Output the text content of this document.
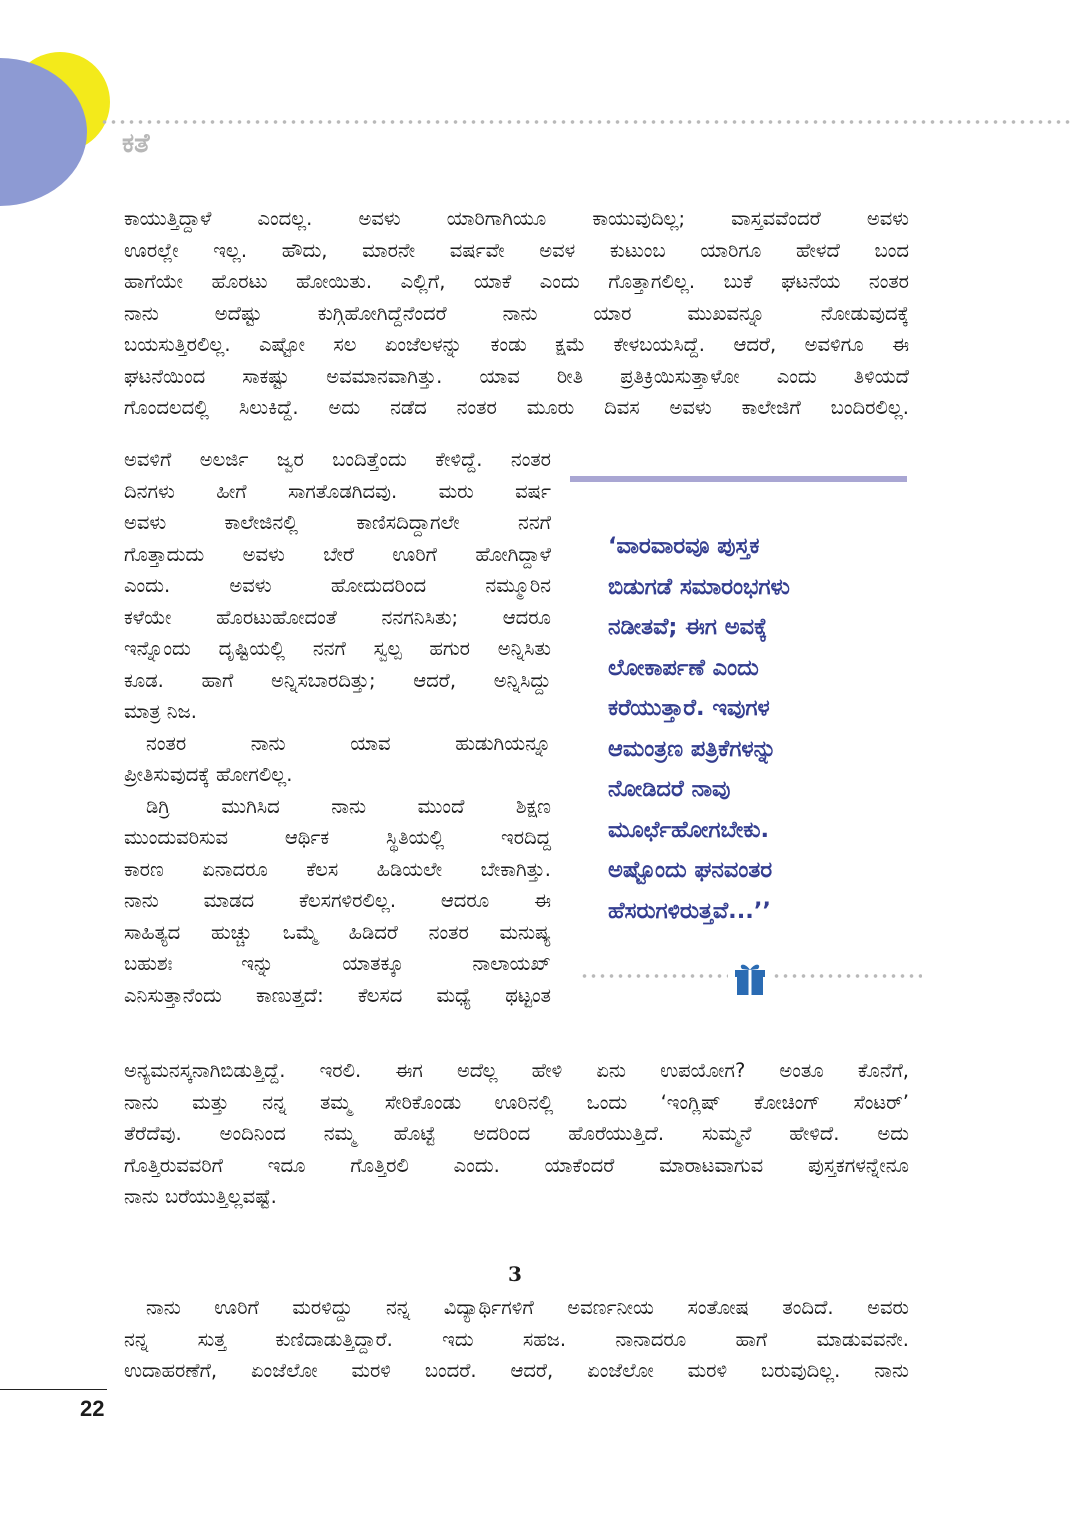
ಕತೆ
ಕಾಯುತ್ತಿದ್ದಾಳೆ ಎಂದಲ್ಲ. ಅವಳು ಯಾರಿಗಾಗಿಯೂ ಕಾಯುವುದಿಲ್ಲ; ವಾಸ್ತವವೆಂದರೆ ಅವಳು
ಊರಲ್ಲೇ ಇಲ್ಲ. ಹೌದು, ಮಾರನೇ ವರ್ಷವೇ ಅವಳ ಕುಟುಂಬ ಯಾರಿಗೂ ಹೇಳದೆ ಬಂದ
ಹಾಗೆಯೇ ಹೊರಟು ಹೋಯಿತು. ಎಲ್ಲಿಗೆ, ಯಾಕೆ ಎಂದು ಗೊತ್ತಾಗಲಿಲ್ಲ. ಬುಕೆ ಘಟನೆಯ ನಂತರ
ನಾನು ಅದೆಷ್ಟು ಕುಗ್ಗಿಹೋಗಿದ್ದೆನೆಂದರೆ ನಾನು ಯಾರ ಮುಖವನ್ನೂ ನೋಡುವುದಕ್ಕೆ
ಬಯಸುತ್ತಿರಲಿಲ್ಲ. ಎಷ್ಟೋ ಸಲ ಏಂಜೆಲಳನ್ನು ಕಂಡು ಕ್ಷಮೆ ಕೇಳಬಯಸಿದ್ದೆ. ಆದರೆ, ಅವಳಿಗೂ ಈ
ಘಟನೆಯಿಂದ ಸಾಕಷ್ಟು ಅವಮಾನವಾಗಿತ್ತು. ಯಾವ ರೀತಿ ಪ್ರತಿಕ್ರಿಯಿಸುತ್ತಾಳೋ ಎಂದು ತಿಳಿಯದೆ
ಗೊಂದಲದಲ್ಲಿ ಸಿಲುಕಿದ್ದೆ. ಅದು ನಡೆದ ನಂತರ ಮೂರು ದಿವಸ ಅವಳು ಕಾಲೇಜಿಗೆ ಬಂದಿರಲಿಲ್ಲ.
ಅವಳಿಗೆ ಅಲರ್ಜಿ ಜ್ವರ ಬಂದಿತ್ತೆಂದು ಕೇಳಿದ್ದೆ. ನಂತರ
ದಿನಗಳು ಹೀಗೆ ಸಾಗತೊಡಗಿದವು. ಮರು ವರ್ಷ
ಅವಳು ಕಾಲೇಜಿನಲ್ಲಿ ಕಾಣಿಸದಿದ್ದಾಗಲೇ ನನಗೆ
ಗೊತ್ತಾದುದು ಅವಳು ಬೇರೆ ಊರಿಗೆ ಹೋಗಿದ್ದಾಳೆ
ಎಂದು. ಅವಳು ಹೋದುದರಿಂದ ನಮ್ಮೂರಿನ
ಕಳೆಯೇ ಹೊರಟುಹೋದಂತೆ ನನಗನಿಸಿತು; ಆದರೂ
ಇನ್ನೊಂದು ದೃಷ್ಟಿಯಲ್ಲಿ ನನಗೆ ಸ್ವಲ್ಪ ಹಗುರ ಅನ್ನಿಸಿತು
ಕೂಡ. ಹಾಗೆ ಅನ್ನಿಸಬಾರದಿತ್ತು; ಆದರೆ, ಅನ್ನಿಸಿದ್ದು
ಮಾತ್ರ ನಿಜ.
ನಂತರ ನಾನು ಯಾವ ಹುಡುಗಿಯನ್ನೂ
ಪ್ರೀತಿಸುವುದಕ್ಕೆ ಹೋಗಲಿಲ್ಲ.
ಡಿಗ್ರಿ ಮುಗಿಸಿದ ನಾನು ಮುಂದೆ ಶಿಕ್ಷಣ
ಮುಂದುವರಿಸುವ ಆರ್ಥಿಕ ಸ್ಥಿತಿಯಲ್ಲಿ ಇರದಿದ್ದ
ಕಾರಣ ಏನಾದರೂ ಕೆಲಸ ಹಿಡಿಯಲೇ ಬೇಕಾಗಿತ್ತು.
ನಾನು ಮಾಡದ ಕೆಲಸಗಳಿರಲಿಲ್ಲ. ಆದರೂ ಈ
ಸಾಹಿತ್ಯದ ಹುಚ್ಚು ಒಮ್ಮೆ ಹಿಡಿದರೆ ನಂತರ ಮನುಷ್ಯ
ಬಹುಶಃ ಇನ್ನು ಯಾತಕ್ಕೂ ನಾಲಾಯಖ್
ಎನಿಸುತ್ತಾನೆಂದು ಕಾಣುತ್ತದೆ: ಕೆಲಸದ ಮಧ್ಯೆ ಥಟ್ಟಂತ
‘ವಾರವಾರವೂ ಪುಸ್ತಕ
ಬಿಡುಗಡೆ ಸಮಾರಂಭಗಳು
ನಡೀತವೆ; ಈಗ ಅವಕ್ಕೆ
ಲೋಕಾರ್ಪಣೆ ಎಂದು
ಕರೆಯುತ್ತಾರೆ. ಇವುಗಳ
ಆಮಂತ್ರಣ ಪತ್ರಿಕೆಗಳನ್ನು
ನೋಡಿದರೆ ನಾವು
ಮೂರ್ಛೆಹೋಗಬೇಕು.
ಅಷ್ಟೊಂದು ಘನವಂತರ
ಹೆಸರುಗಳಿರುತ್ತವೆ...’’
ಅನ್ಯಮನಸ್ಕನಾಗಿಬಿಡುತ್ತಿದ್ದೆ. ಇರಲಿ. ಈಗ ಅದೆಲ್ಲ ಹೇಳಿ ಏನು ಉಪಯೋಗ? ಅಂತೂ ಕೊನೆಗೆ,
ನಾನು ಮತ್ತು ನನ್ನ ತಮ್ಮ ಸೇರಿಕೊಂಡು ಊರಿನಲ್ಲಿ ಒಂದು ‘ಇಂಗ್ಲಿಷ್ ಕೋಚಿಂಗ್ ಸೆಂಟರ್’
ತೆರೆದೆವು. ಅಂದಿನಿಂದ ನಮ್ಮ ಹೊಟ್ಟೆ ಅದರಿಂದ ಹೊರೆಯುತ್ತಿದೆ. ಸುಮ್ಮನೆ ಹೇಳಿದೆ. ಅದು
ಗೊತ್ತಿರುವವರಿಗೆ ಇದೂ ಗೊತ್ತಿರಲಿ ಎಂದು. ಯಾಕೆಂದರೆ ಮಾರಾಟವಾಗುವ ಪುಸ್ತಕಗಳನ್ನೇನೂ
ನಾನು ಬರೆಯುತ್ತಿಲ್ಲವಷ್ಟೆ.
3
ನಾನು ಊರಿಗೆ ಮರಳಿದ್ದು ನನ್ನ ವಿದ್ಯಾರ್ಥಿಗಳಿಗೆ ಅವರ್ಣನೀಯ ಸಂತೋಷ ತಂದಿದೆ. ಅವರು
ನನ್ನ ಸುತ್ತ ಕುಣಿದಾಡುತ್ತಿದ್ದಾರೆ. ಇದು ಸಹಜ. ನಾನಾದರೂ ಹಾಗೆ ಮಾಡುವವನೇ.
ಉದಾಹರಣೆಗೆ, ಏಂಜೆಲೋ ಮರಳಿ ಬಂದರೆ. ಆದರೆ, ಏಂಜೆಲೋ ಮರಳಿ ಬರುವುದಿಲ್ಲ. ನಾನು
22
